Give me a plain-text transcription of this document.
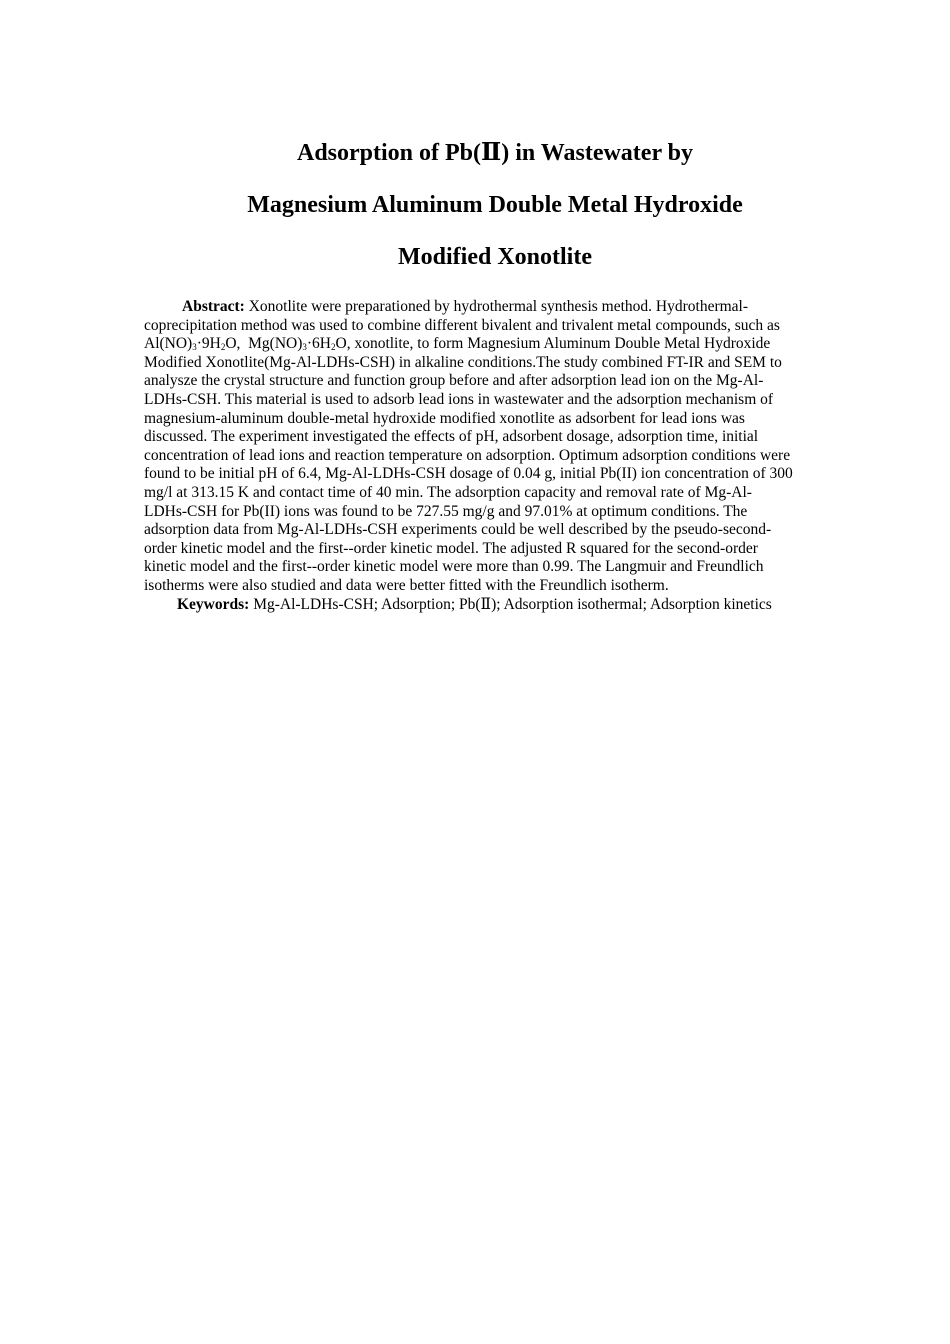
Adsorption of Pb(Ⅱ) in Wastewater by
Magnesium Aluminum Double Metal Hydroxide
Modified Xonotlite
Abstract: Xonotlite were preparationed by hydrothermal synthesis method. Hydrothermal-
coprecipitation method was used to combine different bivalent and trivalent metal compounds, such as
$Al(NO)_3\cdot 9H_2O$,  $Mg(NO)_3\cdot 6H_2O$, xonotlite, to form Magnesium Aluminum Double Metal Hydroxide
Modified Xonotlite(Mg-Al-LDHs-CSH) in alkaline conditions.The study combined FT-IR and SEM to
analysze the crystal structure and function group before and after adsorption lead ion on the Mg-Al-
LDHs-CSH. This material is used to adsorb lead ions in wastewater and the adsorption mechanism of
magnesium-aluminum double-metal hydroxide modified xonotlite as adsorbent for lead ions was
discussed. The experiment investigated the effects of pH, adsorbent dosage, adsorption time, initial
concentration of lead ions and reaction temperature on adsorption. Optimum adsorption conditions were
found to be initial pH of 6.4, Mg-Al-LDHs-CSH dosage of 0.04 g, initial Pb(II) ion concentration of 300
mg/l at 313.15 K and contact time of 40 min. The adsorption capacity and removal rate of Mg-Al-
LDHs-CSH for Pb(II) ions was found to be 727.55 mg/g and 97.01% at optimum conditions. The
adsorption data from Mg-Al-LDHs-CSH experiments could be well described by the pseudo-second-
order kinetic model and the first--order kinetic model. The adjusted R squared for the second-order
kinetic model and the first--order kinetic model were more than 0.99. The Langmuir and Freundlich
isotherms were also studied and data were better fitted with the Freundlich isotherm.
Keywords: Mg-Al-LDHs-CSH; Adsorption; Pb(Ⅱ); Adsorption isothermal; Adsorption kinetics
